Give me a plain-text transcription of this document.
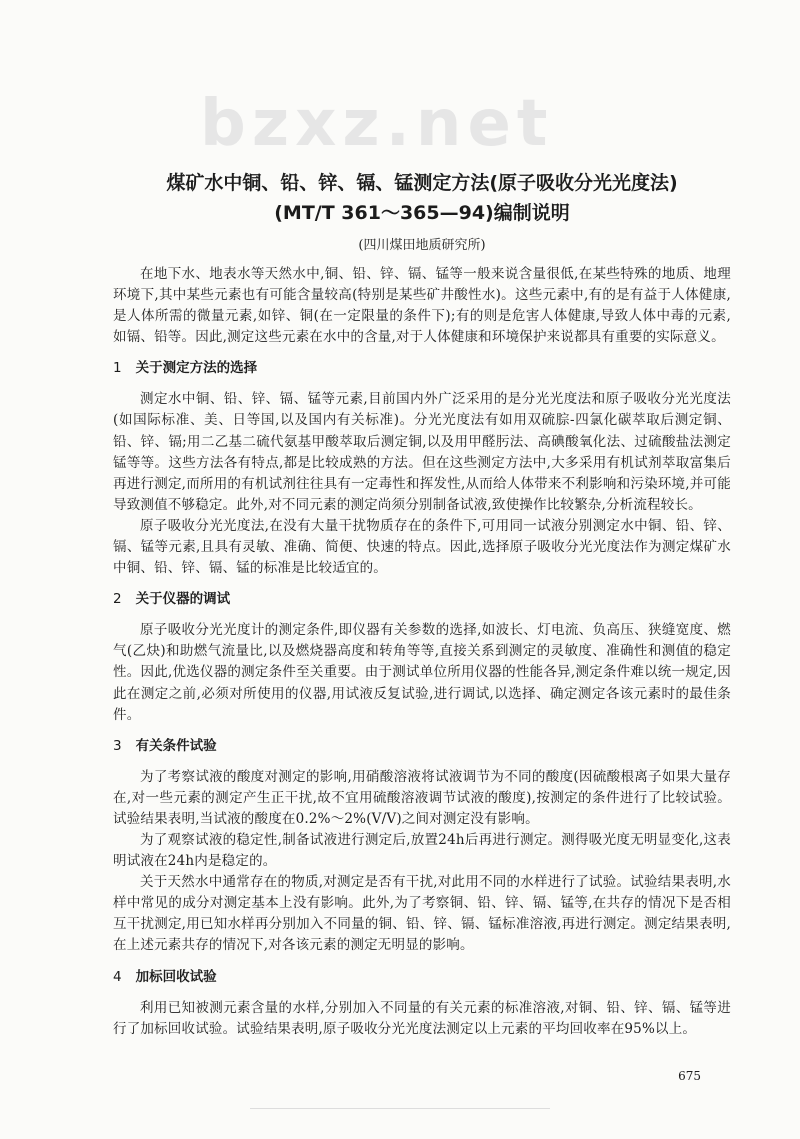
bzxz.net
煤矿水中铜、铅、锌、镉、锰测定方法(原子吸收分光光度法)
(MT/T 361～365—94)编制说明
(四川煤田地质研究所)

在地下水、地表水等天然水中,铜、铅、锌、镉、锰等一般来说含量很低,在某些特殊的地质、地理环境下,其中某些元素也有可能含量较高(特别是某些矿井酸性水)。这些元素中,有的是有益于人体健康,是人体所需的微量元素,如锌、铜(在一定限量的条件下);有的则是危害人体健康,导致人体中毒的元素,如镉、铅等。因此,测定这些元素在水中的含量,对于人体健康和环境保护来说都具有重要的实际意义。

1 关于测定方法的选择

测定水中铜、铅、锌、镉、锰等元素,目前国内外广泛采用的是分光光度法和原子吸收分光光度法(如国际标准、美、日等国,以及国内有关标准)。分光光度法有如用双硫腙-四氯化碳萃取后测定铜、铅、锌、镉;用二乙基二硫代氨基甲酸萃取后测定铜,以及用甲醛肟法、高碘酸氧化法、过硫酸盐法测定锰等等。这些方法各有特点,都是比较成熟的方法。但在这些测定方法中,大多采用有机试剂萃取富集后再进行测定,而所用的有机试剂往往具有一定毒性和挥发性,从而给人体带来不利影响和污染环境,并可能导致测值不够稳定。此外,对不同元素的测定尚须分别制备试液,致使操作比较繁杂,分析流程较长。

原子吸收分光光度法,在没有大量干扰物质存在的条件下,可用同一试液分别测定水中铜、铅、锌、镉、锰等元素,且具有灵敏、准确、简便、快速的特点。因此,选择原子吸收分光光度法作为测定煤矿水中铜、铅、锌、镉、锰的标准是比较适宜的。

2 关于仪器的调试

原子吸收分光光度计的测定条件,即仪器有关参数的选择,如波长、灯电流、负高压、狭缝宽度、燃气(乙炔)和助燃气流量比,以及燃烧器高度和转角等等,直接关系到测定的灵敏度、准确性和测值的稳定性。因此,优选仪器的测定条件至关重要。由于测试单位所用仪器的性能各异,测定条件难以统一规定,因此在测定之前,必须对所使用的仪器,用试液反复试验,进行调试,以选择、确定测定各该元素时的最佳条件。

3 有关条件试验

为了考察试液的酸度对测定的影响,用硝酸溶液将试液调节为不同的酸度(因硫酸根离子如果大量存在,对一些元素的测定产生正干扰,故不宜用硫酸溶液调节试液的酸度),按测定的条件进行了比较试验。试验结果表明,当试液的酸度在0.2%～2%(V/V)之间对测定没有影响。

为了观察试液的稳定性,制备试液进行测定后,放置24h后再进行测定。测得吸光度无明显变化,这表明试液在24h内是稳定的。

关于天然水中通常存在的物质,对测定是否有干扰,对此用不同的水样进行了试验。试验结果表明,水样中常见的成分对测定基本上没有影响。此外,为了考察铜、铅、锌、镉、锰等,在共存的情况下是否相互干扰测定,用已知水样再分别加入不同量的铜、铅、锌、镉、锰标准溶液,再进行测定。测定结果表明,在上述元素共存的情况下,对各该元素的测定无明显的影响。

4 加标回收试验

利用已知被测元素含量的水样,分别加入不同量的有关元素的标准溶液,对铜、铅、锌、镉、锰等进行了加标回收试验。试验结果表明,原子吸收分光光度法测定以上元素的平均回收率在95%以上。

675
